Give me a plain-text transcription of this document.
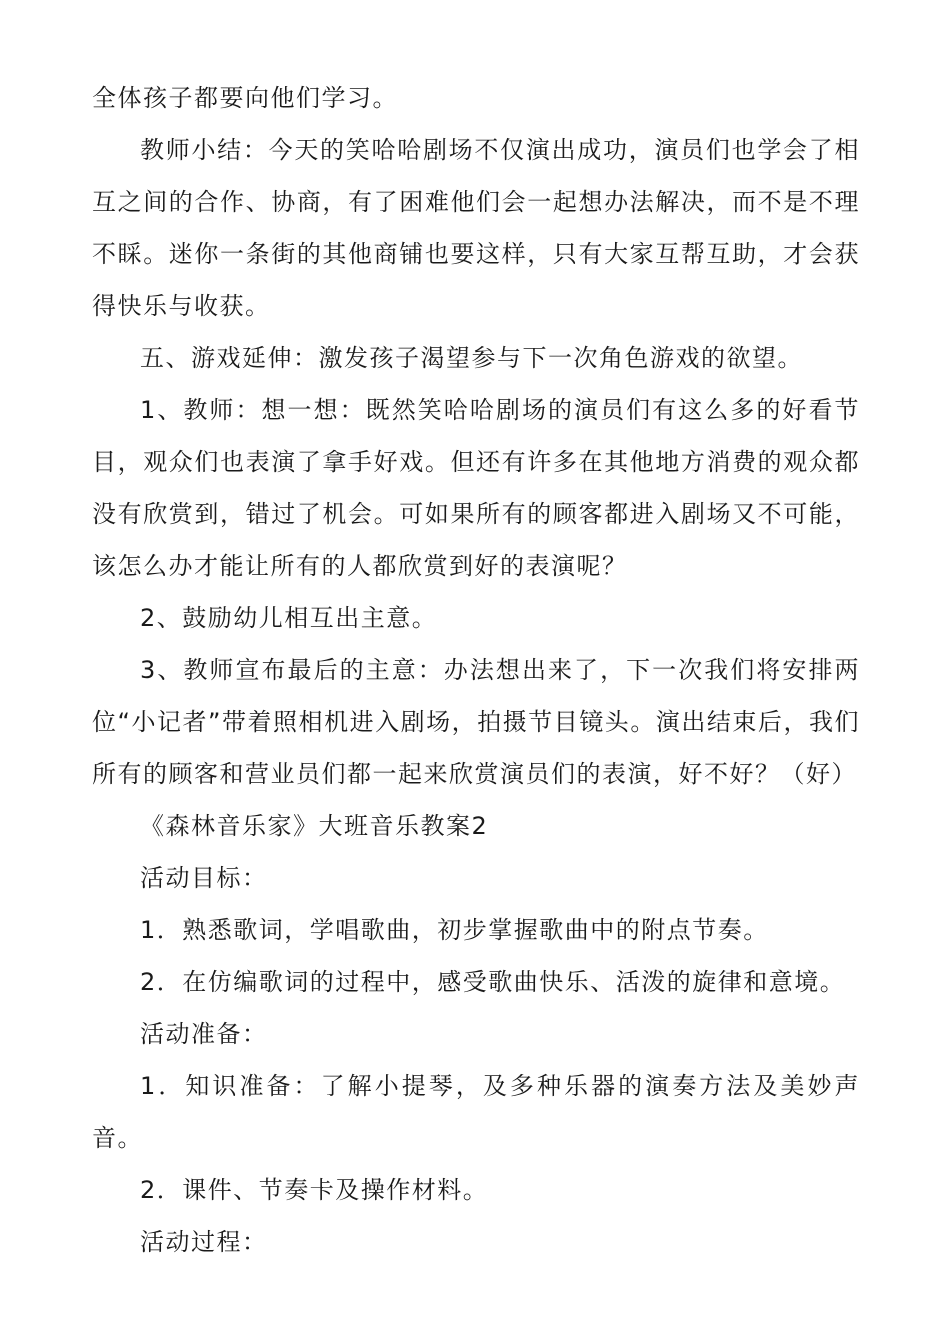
全体孩子都要向他们学习。

教师小结：今天的笑哈哈剧场不仅演出成功，演员们也学会了相互之间的合作、协商，有了困难他们会一起想办法解决，而不是不理不睬。迷你一条街的其他商铺也要这样，只有大家互帮互助，才会获得快乐与收获。

五、游戏延伸：激发孩子渴望参与下一次角色游戏的欲望。

1、教师：想一想：既然笑哈哈剧场的演员们有这么多的好看节目，观众们也表演了拿手好戏。但还有许多在其他地方消费的观众都没有欣赏到，错过了机会。可如果所有的顾客都进入剧场又不可能，该怎么办才能让所有的人都欣赏到好的表演呢？

2、鼓励幼儿相互出主意。

3、教师宣布最后的主意：办法想出来了，下一次我们将安排两位“小记者”带着照相机进入剧场，拍摄节目镜头。演出结束后，我们所有的顾客和营业员们都一起来欣赏演员们的表演，好不好？（好）

《森林音乐家》大班音乐教案2

活动目标：

1．熟悉歌词，学唱歌曲，初步掌握歌曲中的附点节奏。

2．在仿编歌词的过程中，感受歌曲快乐、活泼的旋律和意境。

活动准备：

1．知识准备：了解小提琴，及多种乐器的演奏方法及美妙声音。

2．课件、节奏卡及操作材料。

活动过程：
